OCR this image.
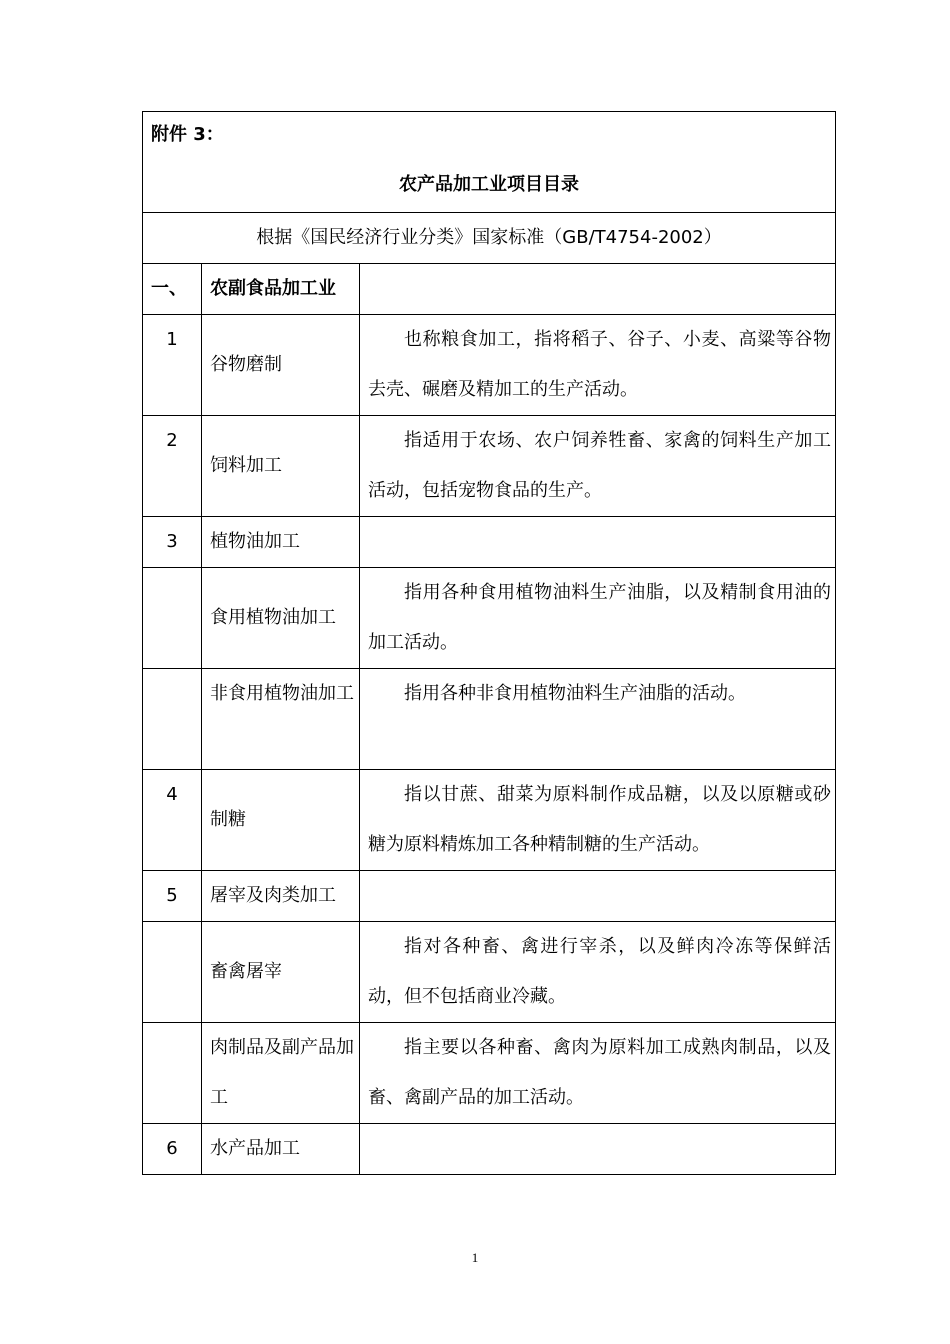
附件 3：
农产品加工业项目目录		

根据《国民经济行业分类》国家标准（GB/T4754-2002）		
一、	农副食品加工业	
1	谷物磨制	也称粮食加工，指将稻子、谷子、小麦、高粱等谷物去壳、碾磨及精加工的生产活动。
2	饲料加工	指适用于农场、农户饲养牲畜、家禽的饲料生产加工活动，包括宠物食品的生产。
3	植物油加工	
	食用植物油加工	指用各种食用植物油料生产油脂，以及精制食用油的加工活动。
	非食用植物油加工	指用各种非食用植物油料生产油脂的活动。
4	制糖	指以甘蔗、甜菜为原料制作成品糖，以及以原糖或砂糖为原料精炼加工各种精制糖的生产活动。
5	屠宰及肉类加工	
	畜禽屠宰	指对各种畜、禽进行宰杀，以及鲜肉冷冻等保鲜活动，但不包括商业冷藏。
	肉制品及副产品加工	指主要以各种畜、禽肉为原料加工成熟肉制品，以及畜、禽副产品的加工活动。
6	水产品加工	
1
